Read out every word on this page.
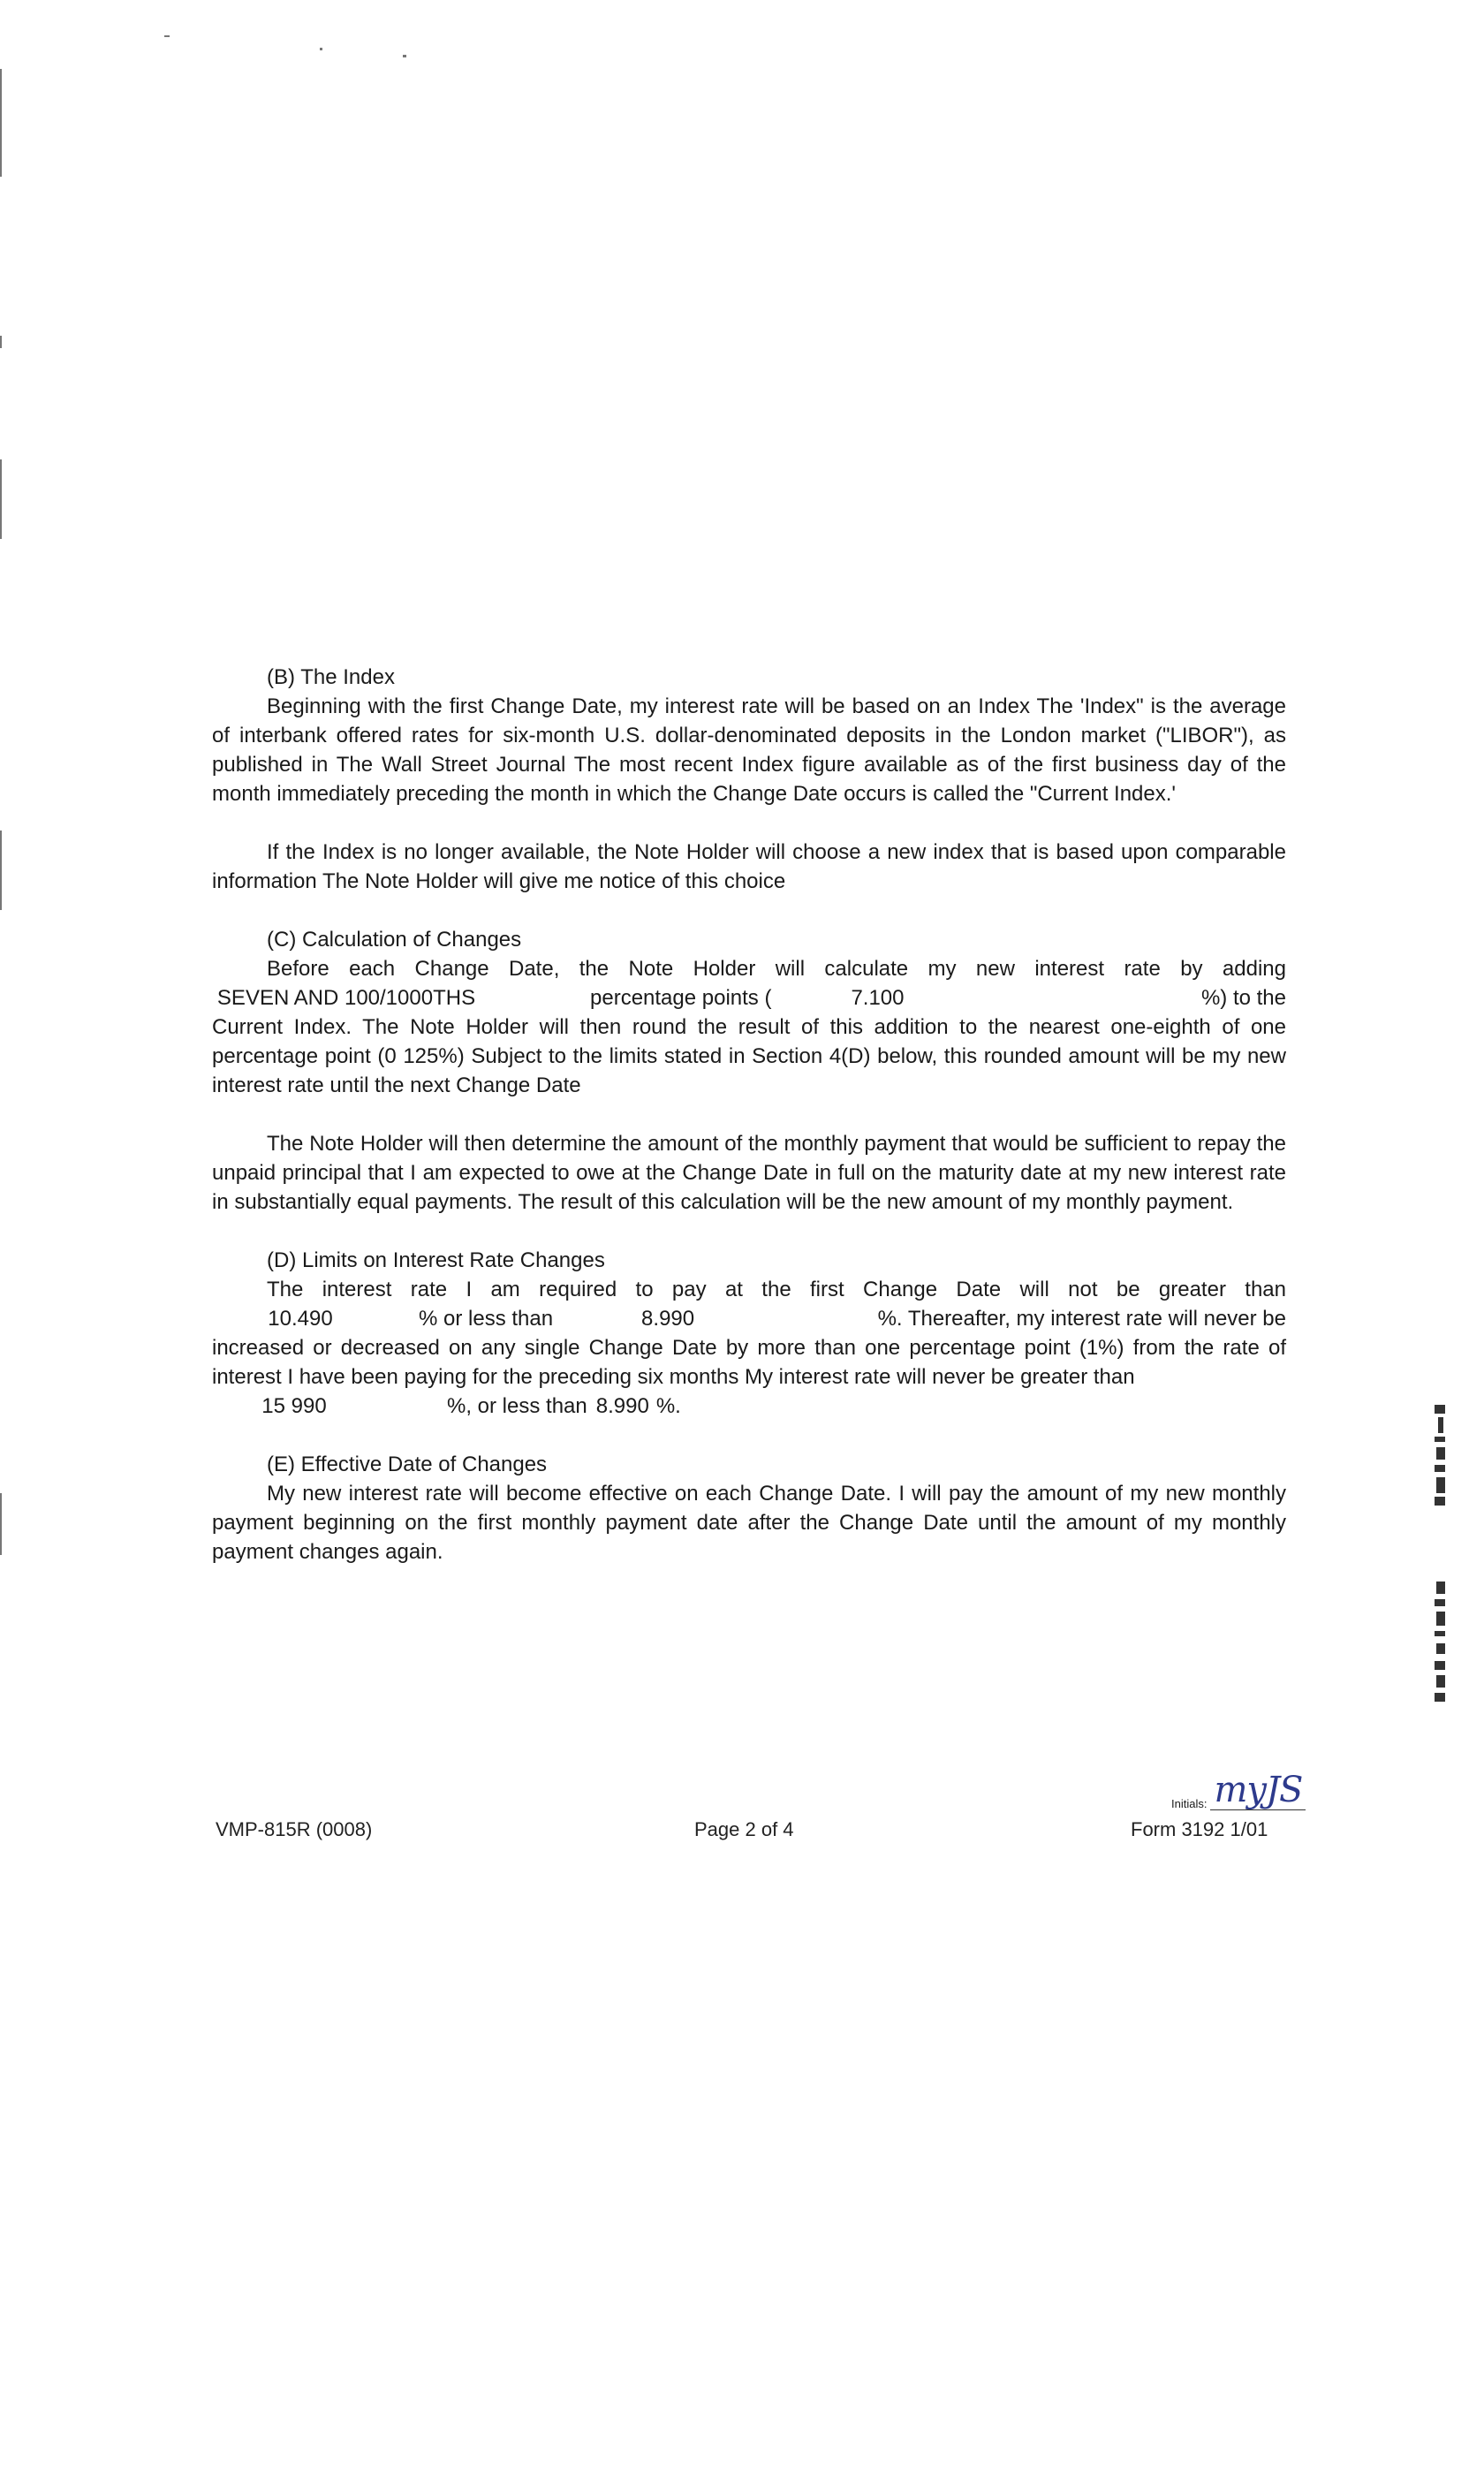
(B) The Index

Beginning with the first Change Date, my interest rate will be based on an Index The 'Index" is the average of interbank offered rates for six-month U.S. dollar-denominated deposits in the London market ("LIBOR"), as published in The Wall Street Journal The most recent Index figure available as of the first business day of the month immediately preceding the month in which the Change Date occurs is called the "Current Index.'

If the Index is no longer available, the Note Holder will choose a new index that is based upon comparable information The Note Holder will give me notice of this choice

(C) Calculation of Changes

Before each Change Date, the Note Holder will calculate my new interest rate by adding

SEVEN AND 100/1000THS	percentage points (	7.100	%) to the

Current Index. The Note Holder will then round the result of this addition to the nearest one-eighth of one percentage point (0 125%) Subject to the limits stated in Section 4(D) below, this rounded amount will be my new interest rate until the next Change Date

The Note Holder will then determine the amount of the monthly payment that would be sufficient to repay the unpaid principal that I am expected to owe at the Change Date in full on the maturity date at my new interest rate in substantially equal payments. The result of this calculation will be the new amount of my monthly payment.

(D) Limits on Interest Rate Changes

The interest rate I am required to pay at the first Change Date will not be greater than

10.490	% or less than	8.990	%. Thereafter, my interest rate will never be

increased or decreased on any single Change Date by more than one percentage point (1%) from the rate of interest I have been paying for the preceding six months My interest rate will never be greater than

15 990	%, or less than 8.990 %.

(E) Effective Date of Changes

My new interest rate will become effective on each Change Date. I will pay the amount of my new monthly payment beginning on the first monthly payment date after the Change Date until the amount of my monthly payment changes again.

VMP-815R (0008)	Page 2 of 4	Form 3192 1/01
Initials: myJS
